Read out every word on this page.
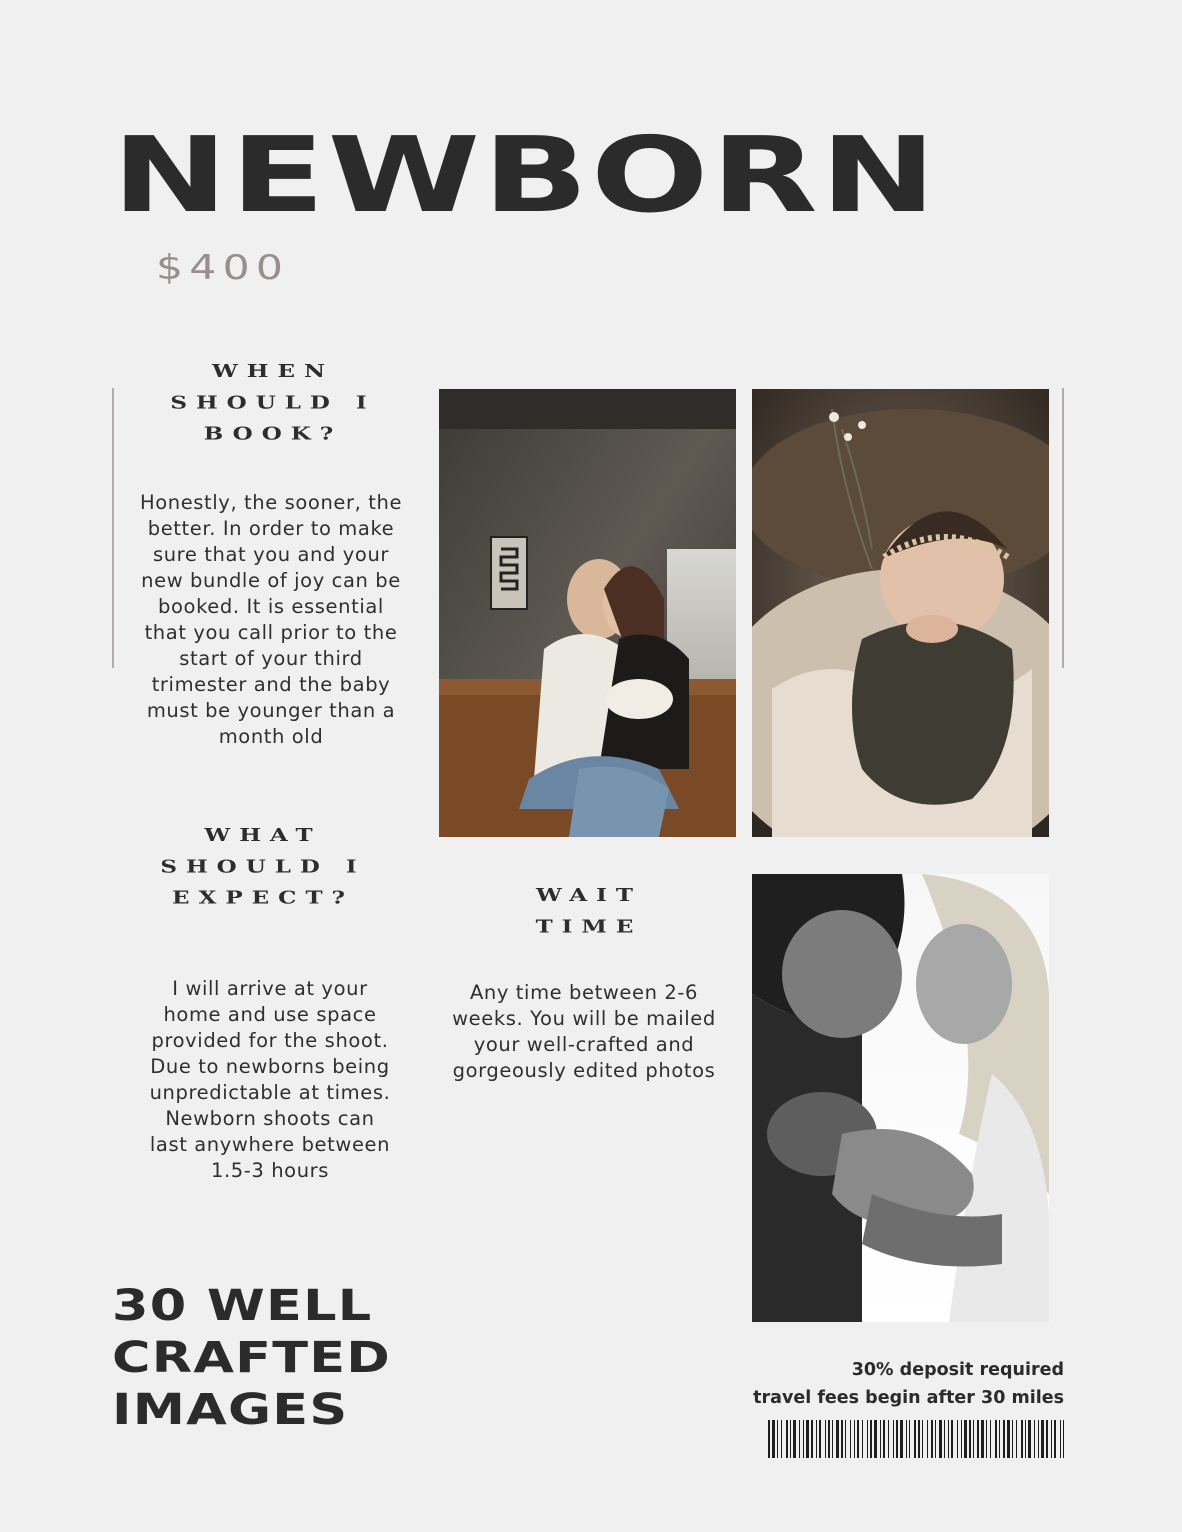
NEWBORN
$400
WHEN
SHOULD I
BOOK?
Honestly, the sooner, the better. In order to make sure that you and your new bundle of joy can be booked. It is essential that you call prior to the start of your third trimester and the baby must be younger than a month old
WHAT
SHOULD I
EXPECT?
I will arrive at your home and use space provided for the shoot. Due to newborns being unpredictable at times. Newborn shoots can last anywhere between 1.5-3 hours
WAIT
TIME
Any time between 2-6 weeks. You will be mailed your well-crafted and gorgeously edited photos
30 WELL
CRAFTED
IMAGES
30% deposit required
travel fees begin after 30 miles
